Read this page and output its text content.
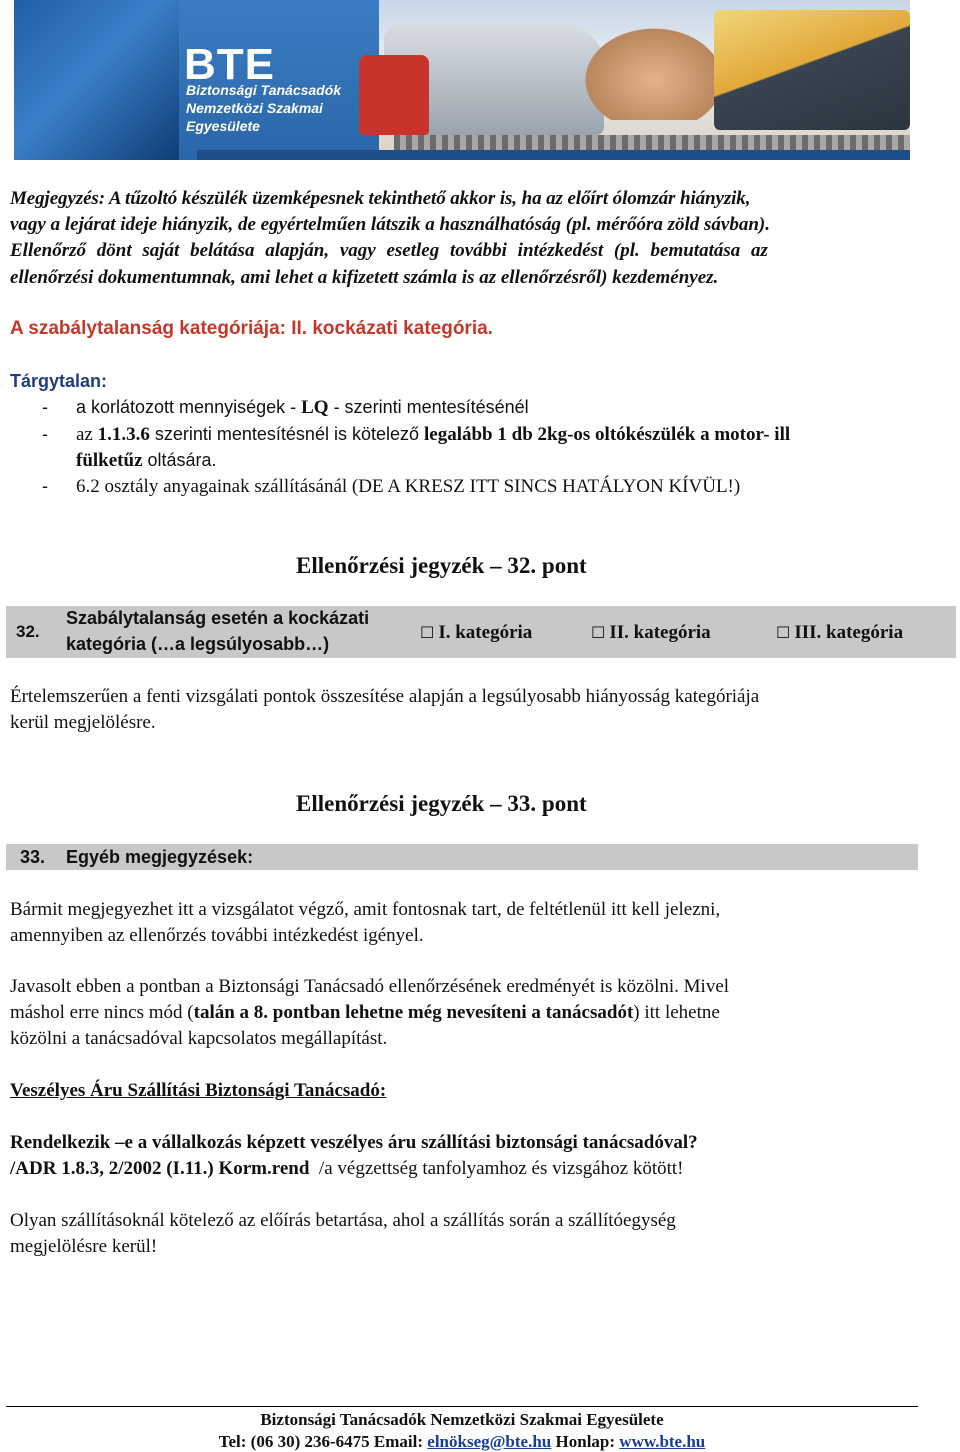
BTE
Biztonsági Tanácsadók
Nemzetközi Szakmai
Egyesülete
Megjegyzés: A tűzoltó készülék üzemképesnek tekinthető akkor is, ha az előírt ólomzár hiányzik,
vagy a lejárat ideje hiányzik, de egyértelműen látszik a használhatóság (pl. mérőóra zöld sávban).
Ellenőrző dönt saját belátása alapján, vagy esetleg további intézkedést (pl. bemutatása az
ellenőrzési dokumentumnak, ami lehet a kifizetett számla is az ellenőrzésről) kezdeményez.
A szabálytalanság kategóriája: II. kockázati kategória.
Tárgytalan:
- a korlátozott mennyiségek - LQ - szerinti mentesítésénél
- az 1.1.3.6 szerinti mentesítésnél is kötelező legalább 1 db 2kg-os oltókészülék a motor- ill
fülketűz oltására.
- 6.2 osztály anyagainak szállításánál (DE A KRESZ ITT SINCS HATÁLYON KÍVÜL!)
Ellenőrzési jegyzék – 32. pont
32.
Szabálytalanság esetén a kockázati
kategória (…a legsúlyosabb…)
☐ I. kategória	☐ II. kategória	☐ III. kategória
Értelemszerűen a fenti vizsgálati pontok összesítése alapján a legsúlyosabb hiányosság kategóriája
kerül megjelölésre.
Ellenőrzési jegyzék – 33. pont
33. Egyéb megjegyzések:
Bármit megjegyezhet itt a vizsgálatot végző, amit fontosnak tart, de feltétlenül itt kell jelezni,
amennyiben az ellenőrzés további intézkedést igényel.
Javasolt ebben a pontban a Biztonsági Tanácsadó ellenőrzésének eredményét is közölni. Mivel
máshol erre nincs mód (talán a 8. pontban lehetne még nevesíteni a tanácsadót) itt lehetne
közölni a tanácsadóval kapcsolatos megállapítást.
Veszélyes Áru Szállítási Biztonsági Tanácsadó:
Rendelkezik –e a vállalkozás képzett veszélyes áru szállítási biztonsági tanácsadóval?
/ADR 1.8.3, 2/2002 (I.11.) Korm.rend  /a végzettség tanfolyamhoz és vizsgához kötött!
Olyan szállításoknál kötelező az előírás betartása, ahol a szállítás során a szállítóegység
megjelölésre kerül!
Biztonsági Tanácsadók Nemzetközi Szakmai Egyesülete
Tel: (06 30) 236-6475 Email: elnökseg@bte.hu Honlap: www.bte.hu
